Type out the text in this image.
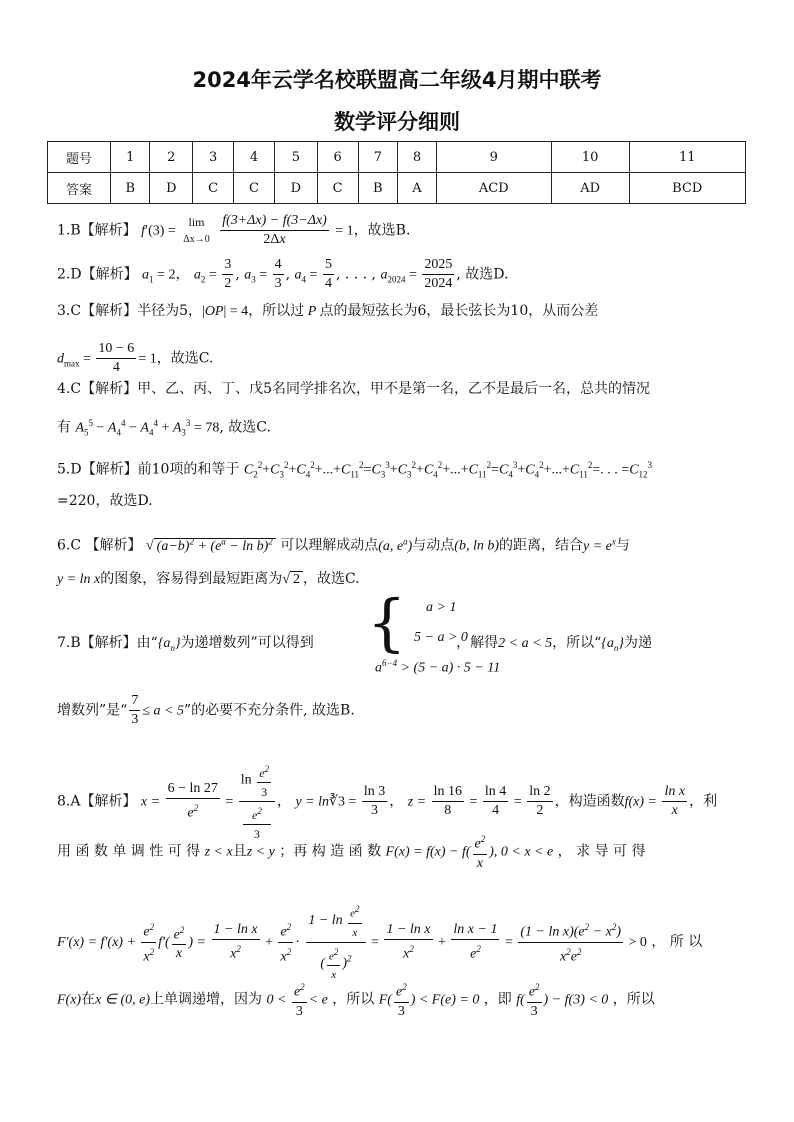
2024年云学名校联盟高二年级4月期中联考
数学评分细则
题号	1	2	3	4	5	6	7	8	9	10	11
答案	B	D	C	C	D	C	B	A	ACD	AD	BCD
1.B【解析】 f′(3) =
lim
Δx→0
$\frac{f(3+\Delta x) - f(3-\Delta x)}{2\Delta x} = 1$，故选B.
2.D【解析】 $a_1 = 2$， $a_2 = \frac{3}{2}$ , $a_3 = \frac{4}{3}$ , $a_4 = \frac{5}{4}$ , . . . , $a_{2024} = \frac{2025}{2024}$ , 故选D.
3.C【解析】半径为5，|OP| = 4，所以过 P 点的最短弦长为6，最长弦长为10，从而公差
$d_{max} = \frac{10 - 6}{4} = 1$，故选C.
4.C【解析】甲、乙、丙、丁、戊5名同学排名次，甲不是第一名，乙不是最后一名，总共的情况
有 $A_5^5 - A_4^4 - A_4^4 + A_3^3 = 78$, 故选C.
5.D【解析】前10项的和等于 $C_2^2+C_3^2+C_4^2+...+C_{11}^2=C_3^3+C_3^2+C_4^2+...+C_{11}^2=C_4^3+C_4^2+...+C_{11}^2=$. . . $=C_{12}^3$
=220，故选D.
6.C 【解析】 √ $(a-b)^2 + (e^a - \ln b)^2$ 可以理解成动点(a, $e^a$)与动点(b, ln b)的距离，结合$y = e^x$与
y = ln x的图象，容易得到最短距离为√ 2 ，故选C.
7.B【解析】由“$\{a_n\}$为递增数列”可以得到	，解得2 < a < 5，所以“$\{a_n\}$为递
{ a > 1
5 − a > 0
$a^{6-4} > (5 - a) \cdot 5 - 11$
增数列”是“ $\frac{7}{3} \le a < 5$”的必要不充分条件, 故选B.
8.A【解析】 $x = \frac{6 - \ln 27}{e^2} = \frac{\ln \frac{e^2}{3}}{\frac{e^2}{3}}$ ， y = ln∛3 = $\frac{\ln 3}{3}$ ， $z = \frac{\ln 16}{8} = \frac{\ln 4}{4} = \frac{\ln 2}{2}$ ，构造函数$f(x) = \frac{\text{ln x}}{x}$ ，利
用 函 数 单 调 性 可 得 z < x且z < y ；再 构 造 函 数 $F(x) = f(x) - f( \frac{e^2}{x}$ ), 0 < x < e ， 求 导 可 得
$F'(x) = f'(x) + \frac{e^2}{x^2} f'( \frac{e^2}{x}$ ) = $\frac{\text{1 − ln x}}{x^2} + \frac{e^2}{x^2} \cdot \frac{1 - \ln \frac{e^2}{x}}{( \frac{e^2}{x} )^2} = \frac{\text{1 − ln x}}{x^2} + \frac{\text{ln x − 1}}{e^2} = \frac{(1 - \ln x)(e^2 - x^2)}{x^2e^2} > 0$ ， 所 以
F(x)在x ∈ (0, e)上单调递增，因为 $0 < \frac{e^2}{3} < e$ ，所以 $F( \frac{e^2}{3}$ ) < F(e) = 0 ，即 $f( \frac{e^2}{3}$ ) − f(3) < 0 ，所以
